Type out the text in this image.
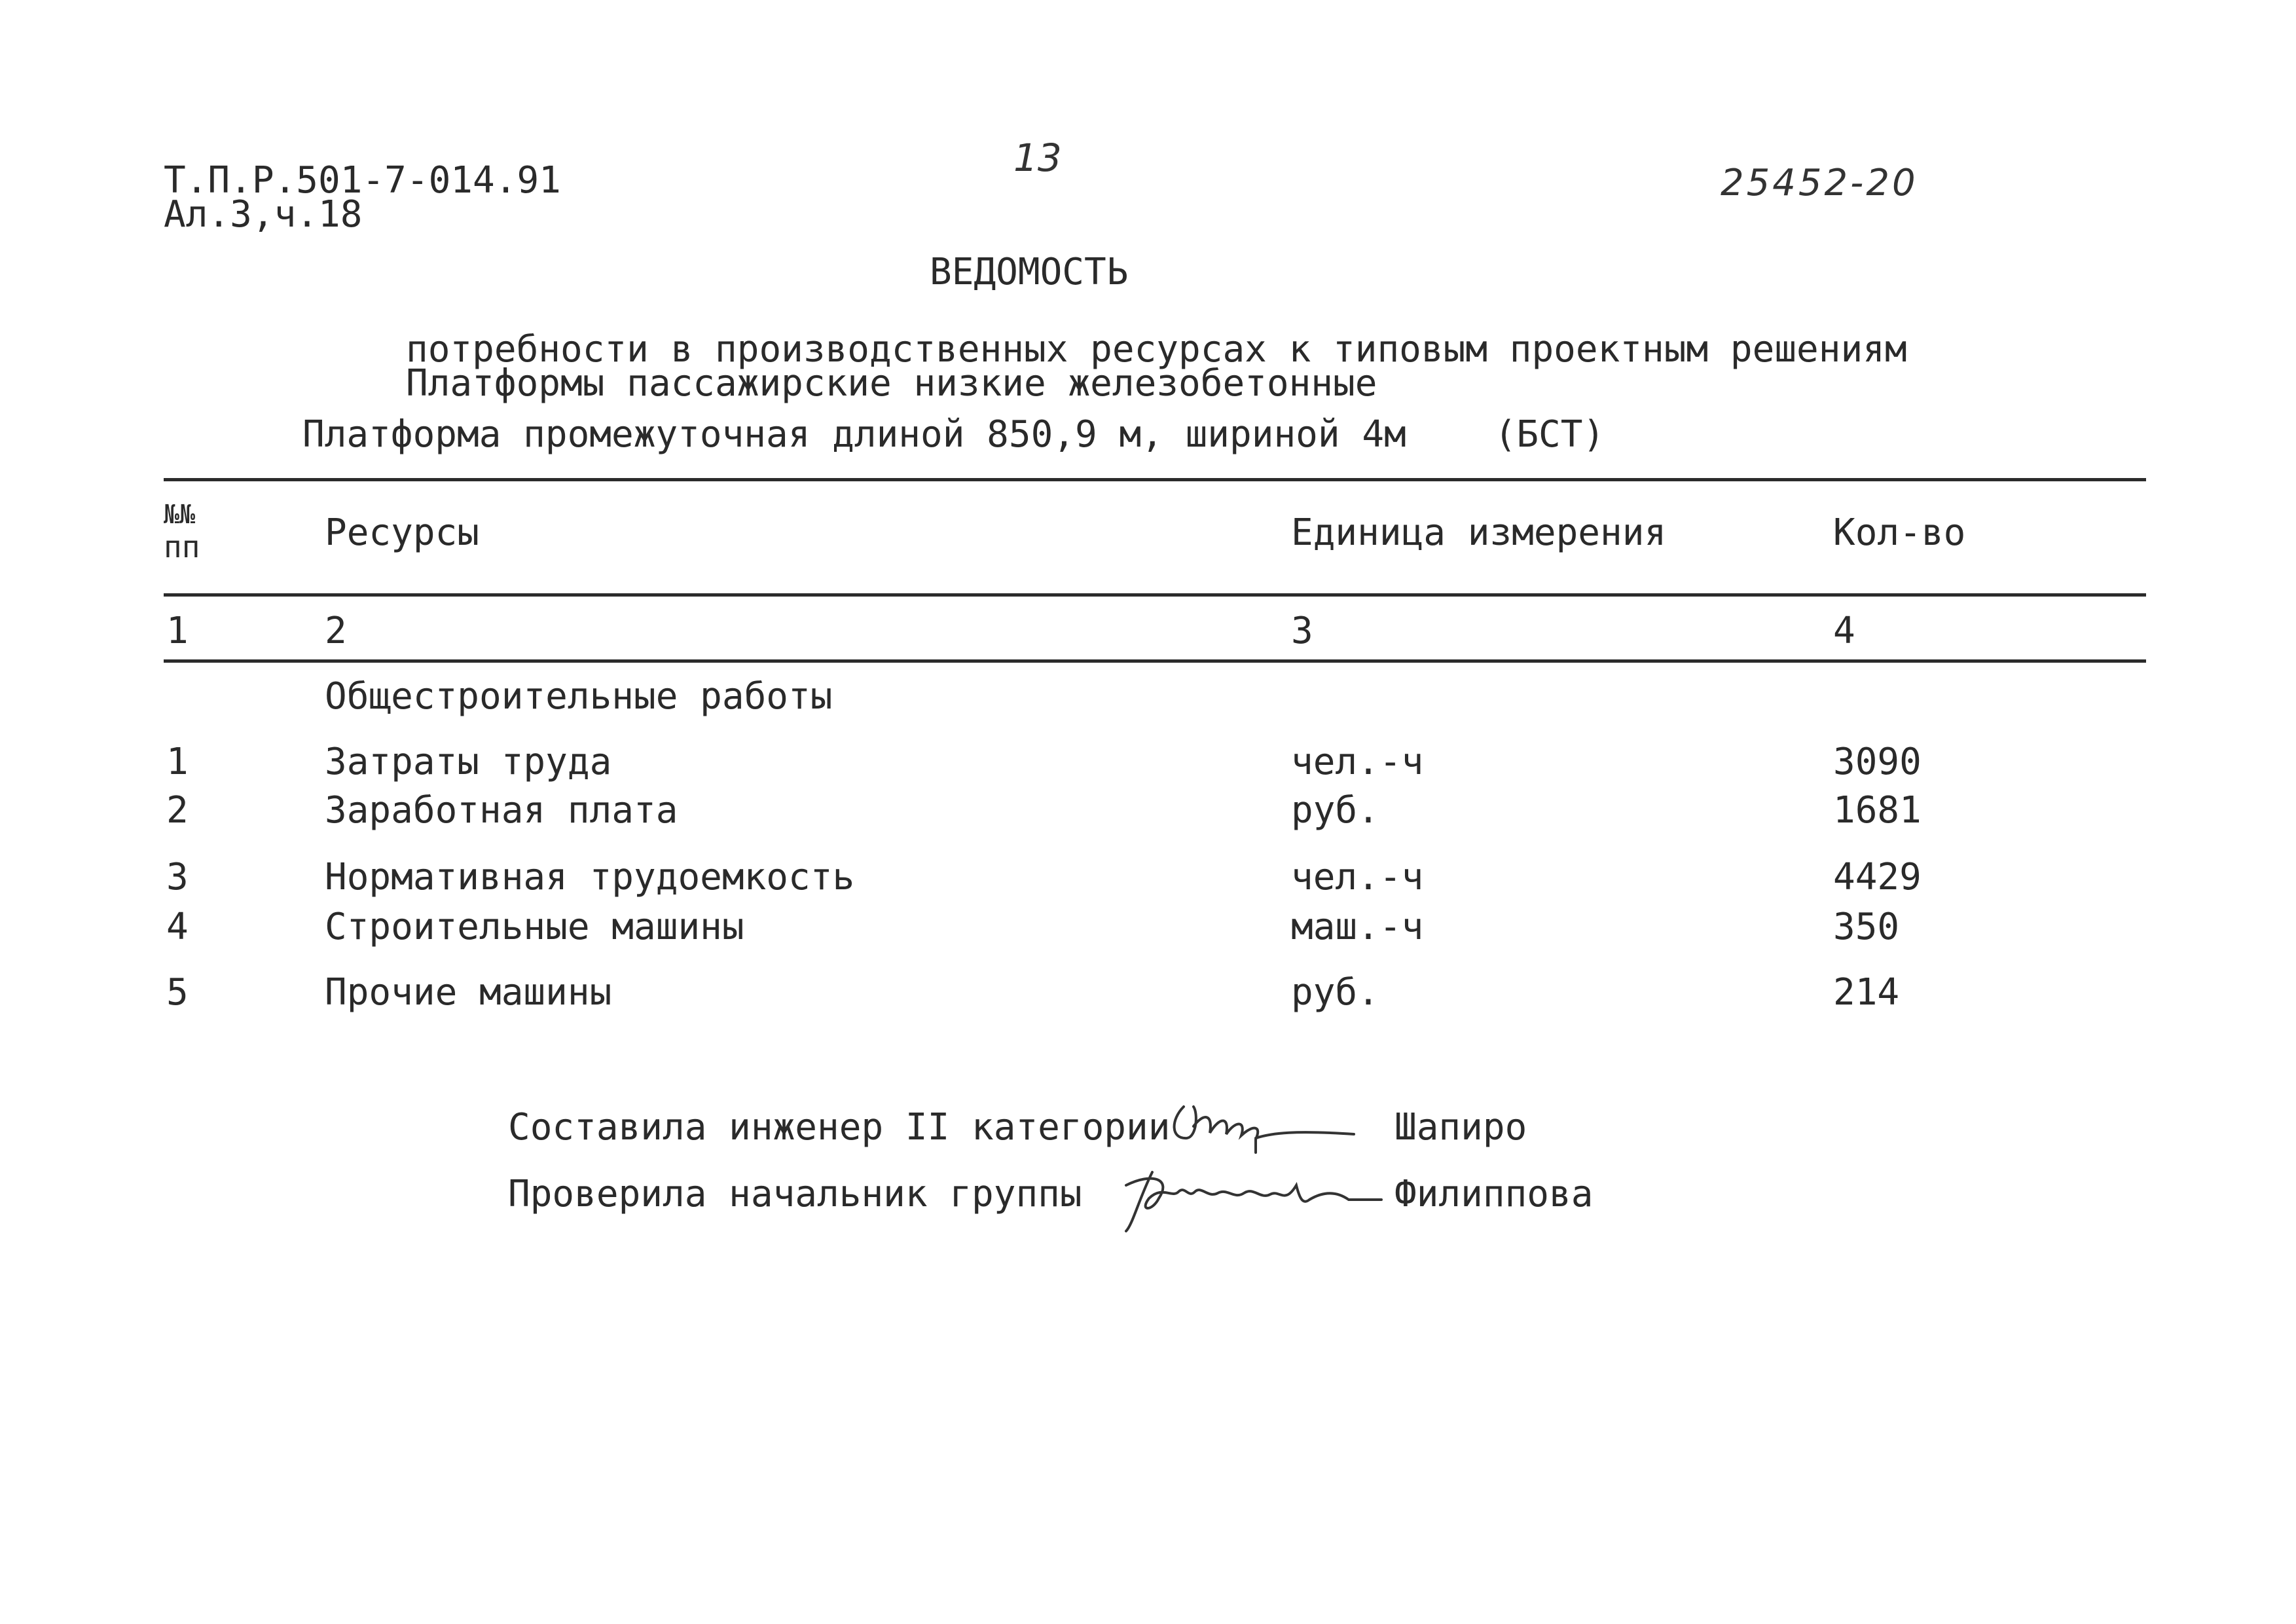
Т.П.Р.501-7-014.91
Ал.3,ч.18
13
25452-20
ВЕДОМОСТЬ
потребности в производственных ресурсах к типовым проектным решениям
Платформы пассажирские низкие железобетонные
Платформа промежуточная длиной 850,9 м, шириной 4м    (БСТ)
№№
пп	Ресурсы	Единица измерения	Кол-во
1	2	3	4
Общестроительные работы
1	Затраты труда	чел.-ч	3090
2	Заработная плата	руб.	1681
3	Нормативная трудоемкость	чел.-ч	4429
4	Строительные машины	маш.-ч	350
5	Прочие машины	руб.	214
Составила инженер II категории	Шапиро
Проверила начальник группы	Филиппова
